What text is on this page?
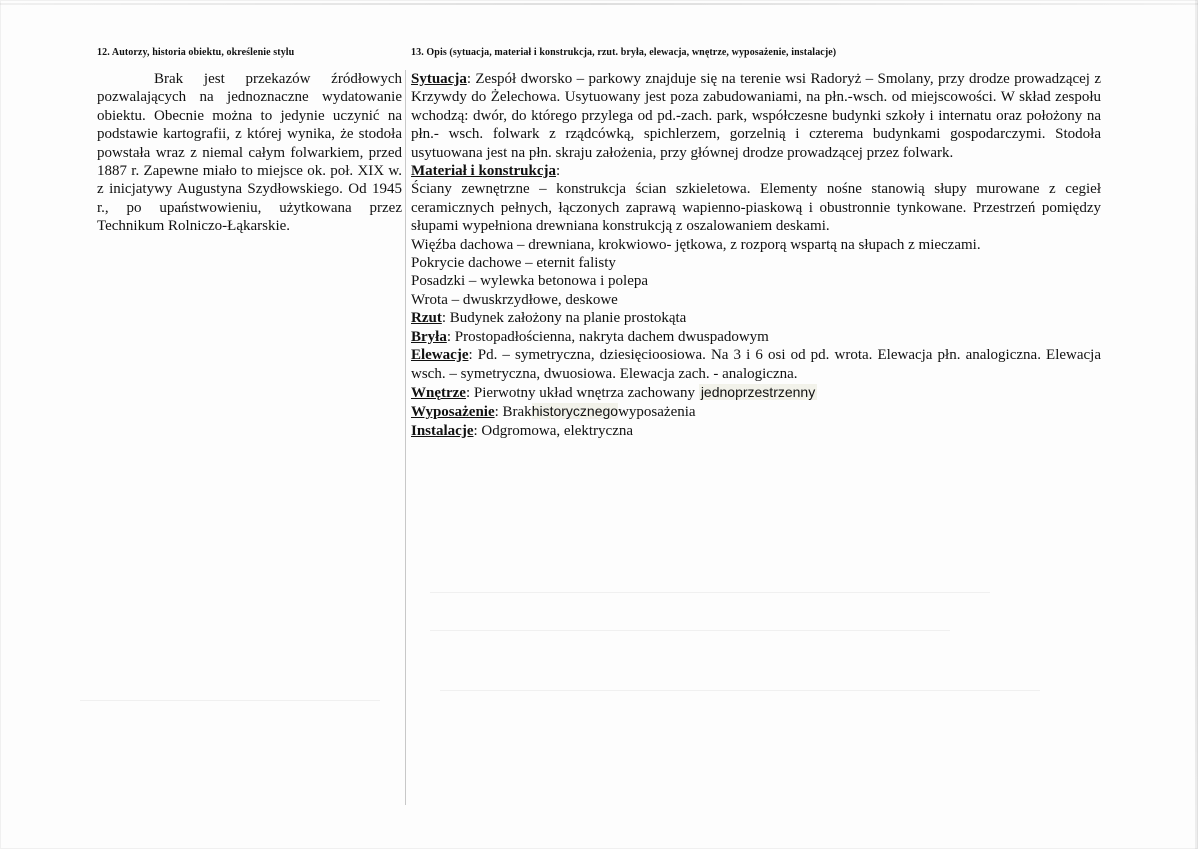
12. Autorzy, historia obiektu, określenie stylu

Brak jest przekazów źródłowych pozwalających na jednoznaczne wydatowanie obiektu. Obecnie można to jedynie uczynić na podstawie kartografii, z której wynika, że stodoła powstała wraz z niemal całym folwarkiem, przed 1887 r. Zapewne miało to miejsce ok. poł. XIX w. z inicjatywy Augustyna Szydłowskiego. Od 1945 r., po upaństwowieniu, użytkowana przez Technikum Rolniczo-Łąkarskie.

13. Opis (sytuacja, materiał i konstrukcja, rzut. bryła, elewacja, wnętrze, wyposażenie, instalacje)

Sytuacja: Zespół dworsko – parkowy znajduje się na terenie wsi Radoryż – Smolany, przy drodze prowadzącej z Krzywdy do Żelechowa. Usytuowany jest poza zabudowaniami, na płn.-wsch. od miejscowości. W skład zespołu wchodzą: dwór, do którego przylega od pd.-zach. park, współczesne budynki szkoły i internatu oraz położony na płn.- wsch. folwark z rządcówką, spichlerzem, gorzelnią i czterema budynkami gospodarczymi. Stodoła usytuowana jest na płn. skraju założenia, przy głównej drodze prowadzącej przez folwark.

Materiał i konstrukcja:

Ściany zewnętrzne – konstrukcja ścian szkieletowa. Elementy nośne stanowią słupy murowane z cegieł ceramicznych pełnych, łączonych zaprawą wapienno-piaskową i obustronnie tynkowane. Przestrzeń pomiędzy słupami wypełniona drewniana konstrukcją z oszalowaniem deskami.

Więźba dachowa – drewniana, krokwiowo- jętkowa, z rozporą wspartą na słupach z mieczami.

Pokrycie dachowe – eternit falisty

Posadzki – wylewka betonowa i polepa

Wrota – dwuskrzydłowe, deskowe

Rzut: Budynek założony na planie prostokąta

Bryła: Prostopadłościenna, nakryta dachem dwuspadowym

Elewacje: Pd. – symetryczna, dziesięcioosiowa. Na 3 i 6 osi od pd. wrota. Elewacja płn. analogiczna. Elewacja wsch. – symetryczna, dwuosiowa. Elewacja zach. - analogiczna.

Wnętrze: Pierwotny układ wnętrza zachowany jednoprzestrzenny

Wyposażenie: Brakhistorycznegowyposażenia

Instalacje: Odgromowa, elektryczna
